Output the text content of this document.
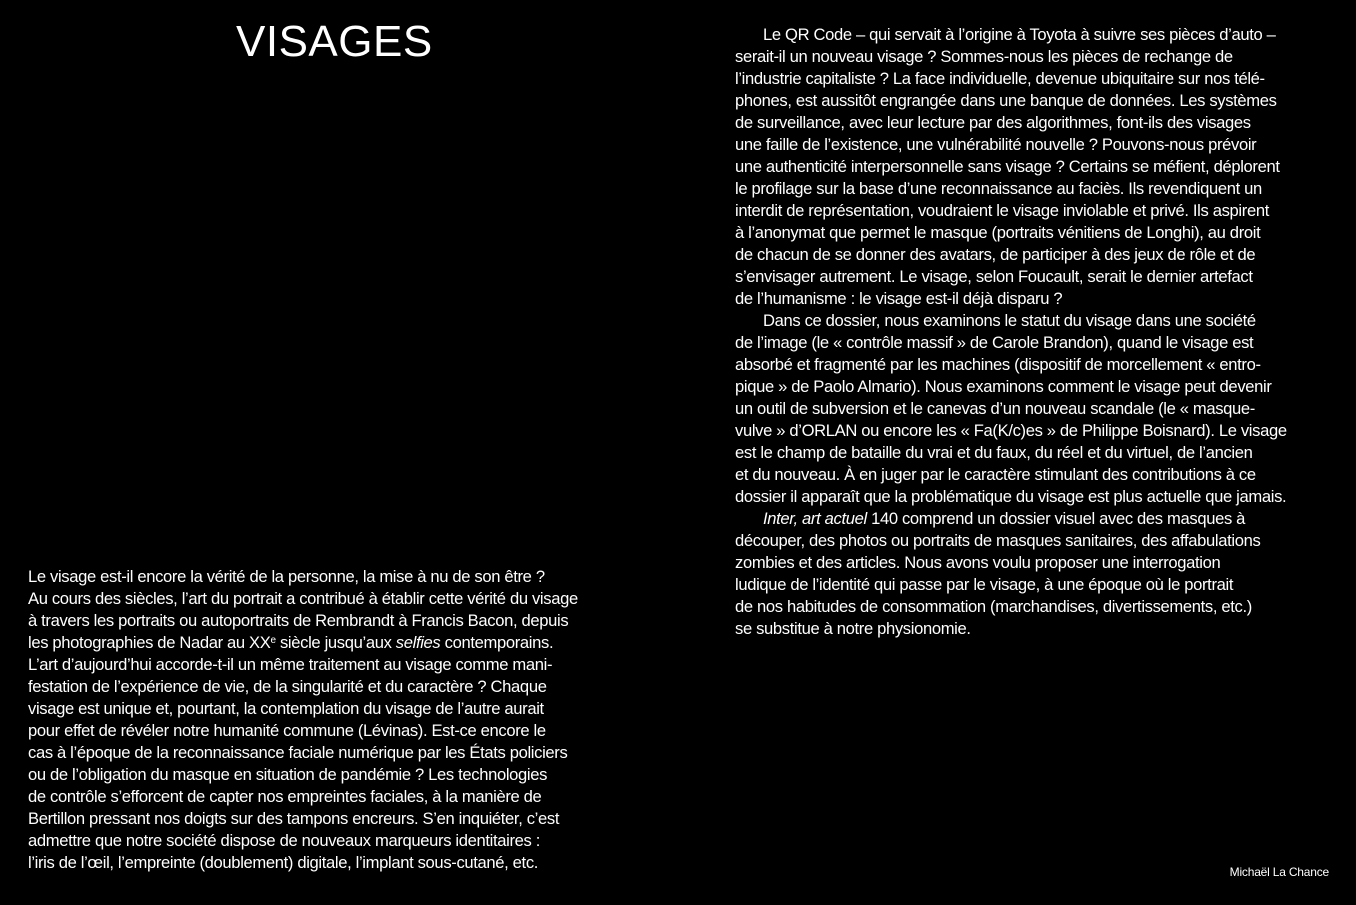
VISAGES
Le visage est-il encore la vérité de la personne, la mise à nu de son être ?
Au cours des siècles, l’art du portrait a contribué à établir cette vérité du visage
à travers les portraits ou autoportraits de Rembrandt à Francis Bacon, depuis
les photographies de Nadar au XXe siècle jusqu’aux selfies contemporains.
L’art d’aujourd’hui accorde-t-il un même traitement au visage comme mani-
festation de l’expérience de vie, de la singularité et du caractère ? Chaque
visage est unique et, pourtant, la contemplation du visage de l’autre aurait
pour effet de révéler notre humanité commune (Lévinas). Est-ce encore le
cas à l’époque de la reconnaissance faciale numérique par les États policiers
ou de l’obligation du masque en situation de pandémie ? Les technologies
de contrôle s’efforcent de capter nos empreintes faciales, à la manière de
Bertillon pressant nos doigts sur des tampons encreurs. S’en inquiéter, c’est
admettre que notre société dispose de nouveaux marqueurs identitaires :
l’iris de l’œil, l’empreinte (doublement) digitale, l’implant sous-cutané, etc.
Le QR Code – qui servait à l’origine à Toyota à suivre ses pièces d’auto –
serait-il un nouveau visage ? Sommes-nous les pièces de rechange de
l’industrie capitaliste ? La face individuelle, devenue ubiquitaire sur nos télé-
phones, est aussitôt engrangée dans une banque de données. Les systèmes
de surveillance, avec leur lecture par des algorithmes, font-ils des visages
une faille de l’existence, une vulnérabilité nouvelle ? Pouvons-nous prévoir
une authenticité interpersonnelle sans visage ? Certains se méfient, déplorent
le profilage sur la base d’une reconnaissance au faciès. Ils revendiquent un
interdit de représentation, voudraient le visage inviolable et privé. Ils aspirent
à l’anonymat que permet le masque (portraits vénitiens de Longhi), au droit
de chacun de se donner des avatars, de participer à des jeux de rôle et de
s’envisager autrement. Le visage, selon Foucault, serait le dernier artefact
de l’humanisme : le visage est-il déjà disparu ?
Dans ce dossier, nous examinons le statut du visage dans une société
de l’image (le « contrôle massif » de Carole Brandon), quand le visage est
absorbé et fragmenté par les machines (dispositif de morcellement « entro-
pique » de Paolo Almario). Nous examinons comment le visage peut devenir
un outil de subversion et le canevas d’un nouveau scandale (le « masque-
vulve » d’ORLAN ou encore les « Fa(K/c)es » de Philippe Boisnard). Le visage
est le champ de bataille du vrai et du faux, du réel et du virtuel, de l’ancien
et du nouveau. À en juger par le caractère stimulant des contributions à ce
dossier il apparaît que la problématique du visage est plus actuelle que jamais.
Inter, art actuel 140 comprend un dossier visuel avec des masques à
découper, des photos ou portraits de masques sanitaires, des affabulations
zombies et des articles. Nous avons voulu proposer une interrogation
ludique de l’identité qui passe par le visage, à une époque où le portrait
de nos habitudes de consommation (marchandises, divertissements, etc.)
se substitue à notre physionomie.
Michaël La Chance
